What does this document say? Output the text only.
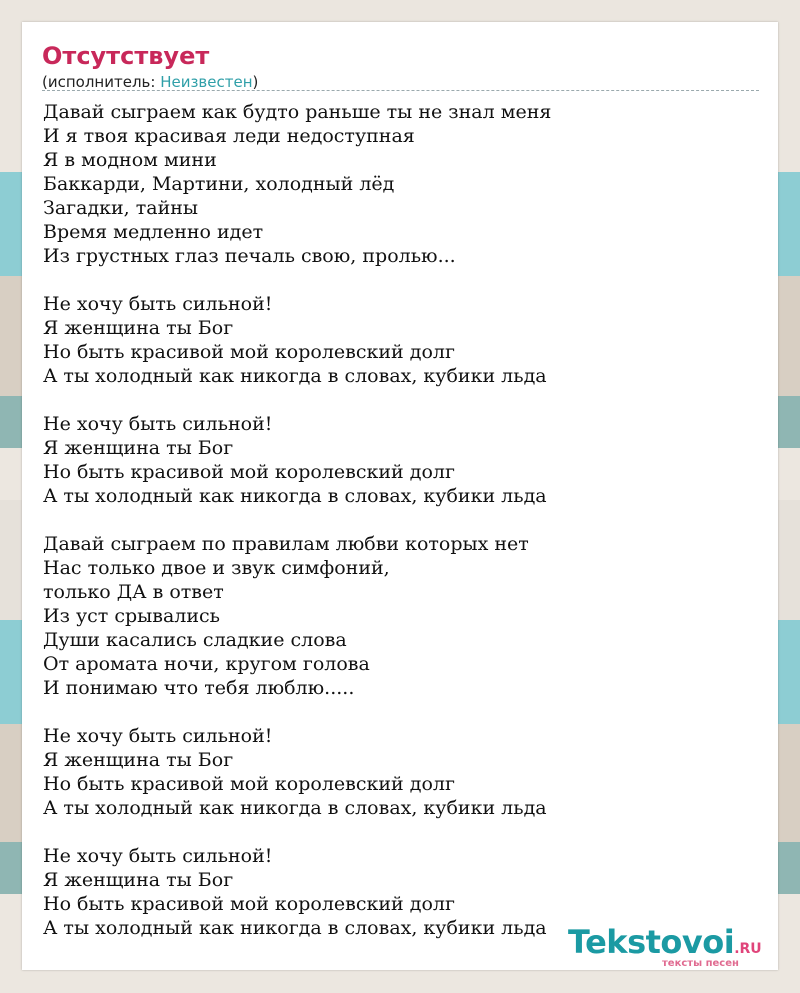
Отсутствует
(исполнитель: Неизвестен)
Давай сыграем как будто раньше ты не знал меня
И я твоя красивая леди недоступная
Я в модном мини
Баккарди, Мартини, холодный лёд
Загадки, тайны
Время медленно идет
Из грустных глаз печаль свою, пролью...

Не хочу быть сильной!
Я женщина ты Бог
Но быть красивой мой королевский долг
А ты холодный как никогда в словах, кубики льда

Не хочу быть сильной!
Я женщина ты Бог
Но быть красивой мой королевский долг
А ты холодный как никогда в словах, кубики льда

Давай сыграем по правилам любви которых нет
Нас только двое и звук симфоний,
только ДА в ответ
Из уст срывались
Души касались сладкие слова
От аромата ночи, кругом голова
И понимаю что тебя люблю.....

Не хочу быть сильной!
Я женщина ты Бог
Но быть красивой мой королевский долг
А ты холодный как никогда в словах, кубики льда

Не хочу быть сильной!
Я женщина ты Бог
Но быть красивой мой королевский долг
А ты холодный как никогда в словах, кубики льда Tekstovoi.RU
тексты песен
